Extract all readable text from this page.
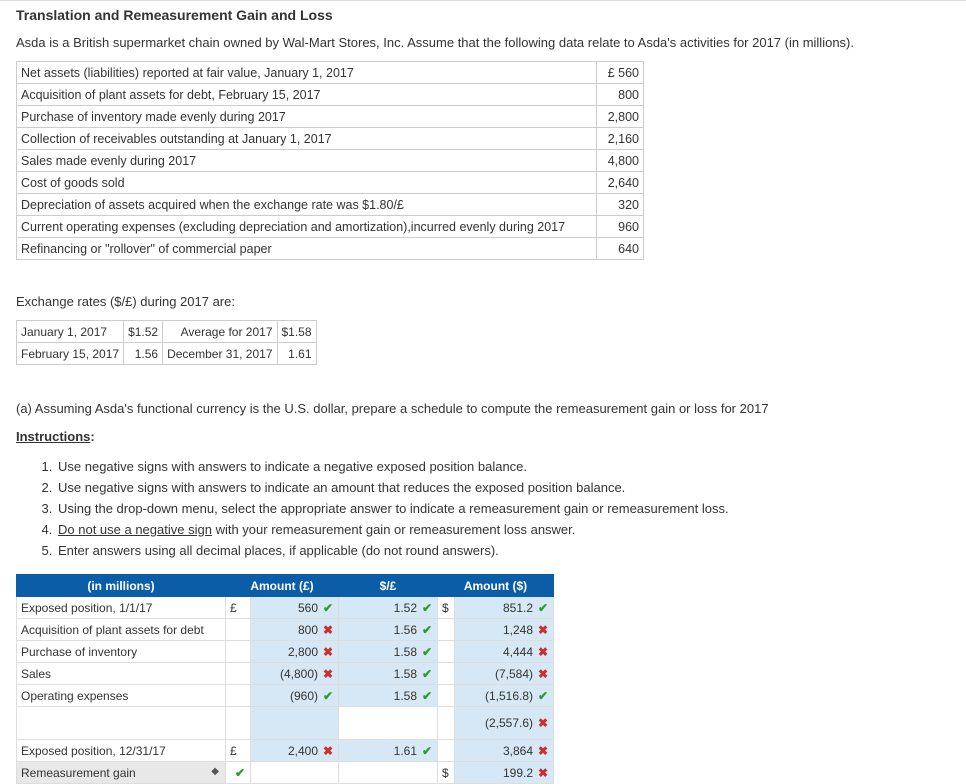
Translation and Remeasurement Gain and Loss
Asda is a British supermarket chain owned by Wal-Mart Stores, Inc. Assume that the following data relate to Asda's activities for 2017 (in millions).
Net assets (liabilities) reported at fair value, January 1, 2017	£ 560
Acquisition of plant assets for debt, February 15, 2017	800
Purchase of inventory made evenly during 2017	2,800
Collection of receivables outstanding at January 1, 2017	2,160
Sales made evenly during 2017	4,800
Cost of goods sold	2,640
Depreciation of assets acquired when the exchange rate was $1.80/£	320
Current operating expenses (excluding depreciation and amortization),incurred evenly during 2017	960
Refinancing or "rollover" of commercial paper	640
Exchange rates ($/£) during 2017 are:
January 1, 2017	$1.52	Average for 2017	$1.58
February 15, 2017	1.56	December 31, 2017	1.61
(a) Assuming Asda's functional currency is the U.S. dollar, prepare a schedule to compute the remeasurement gain or loss for 2017
Instructions:
1. Use negative signs with answers to indicate a negative exposed position balance.
2. Use negative signs with answers to indicate an amount that reduces the exposed position balance.
3. Using the drop-down menu, select the appropriate answer to indicate a remeasurement gain or remeasurement loss.
4. Do not use a negative sign with your remeasurement gain or remeasurement loss answer.
5. Enter answers using all decimal places, if applicable (do not round answers).
(in millions)	Amount (£)		$/£	Amount ($)	
Exposed position, 1/1/17	£	560 ✔	1.52 ✔	$	851.2 ✔
Acquisition of plant assets for debt		800 ✖	1.56 ✔		1,248 ✖
Purchase of inventory		2,800 ✖	1.58 ✔		4,444 ✖
Sales		(4,800) ✖	1.58 ✔		(7,584) ✖
Operating expenses		(960) ✔	1.58 ✔		(1,516.8) ✔
					(2,557.6) ✖
Exposed position, 12/31/17	£	2,400 ✖	1.61 ✔		3,864 ✖
Remeasurement gain ◆	✔			$	199.2 ✖
